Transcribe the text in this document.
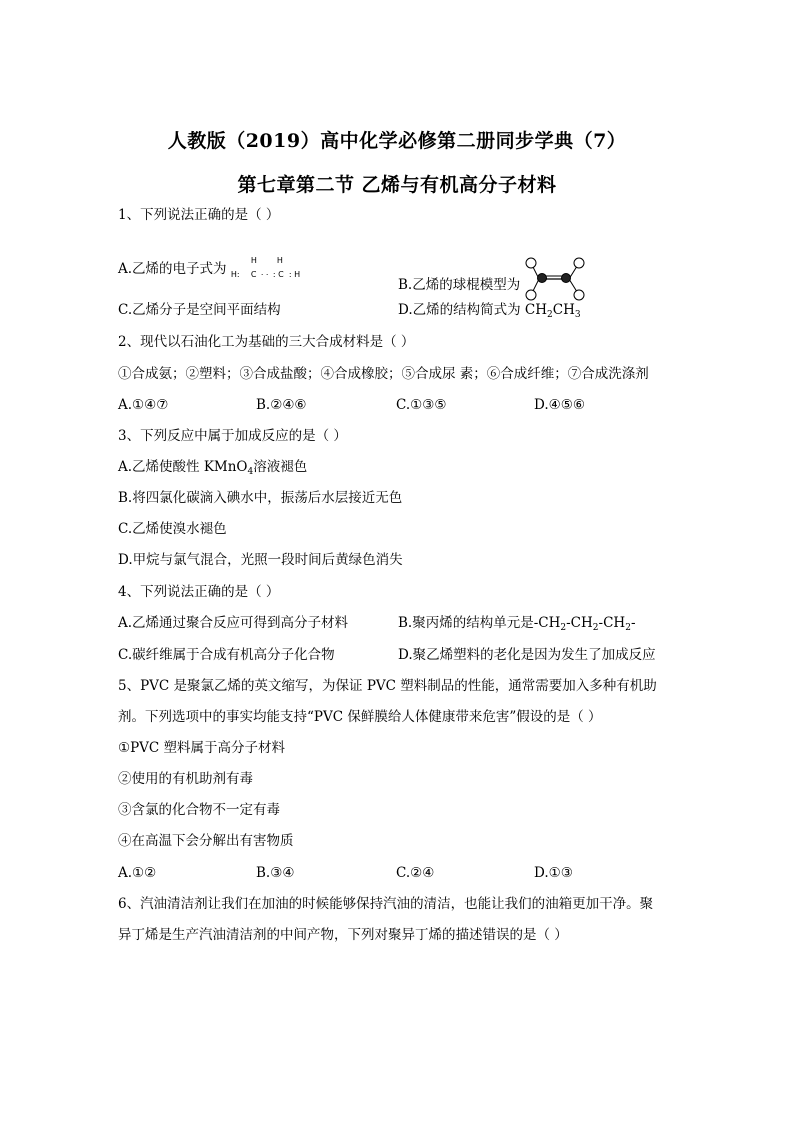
人教版（2019）高中化学必修第二册同步学典（7）
第七章第二节 乙烯与有机高分子材料
1、下列说法正确的是（ ）
A.乙烯的电子式为
H H
H: C . . : C : H
B.乙烯的球棍模型为
C.乙烯分子是空间平面结构	D.乙烯的结构简式为 $CH_2CH_3$
2、现代以石油化工为基础的三大合成材料是（ ）
①合成氨；②塑料；③合成盐酸；④合成橡胶；⑤合成尿 素；⑥合成纤维；⑦合成洗涤剂
A.①④⑦	B.②④⑥	C.①③⑤	D.④⑤⑥
3、下列反应中属于加成反应的是（ ）
A.乙烯使酸性 KMnO$_4$溶液褪色
B.将四氯化碳滴入碘水中，振荡后水层接近无色
C.乙烯使溴水褪色
D.甲烷与氯气混合，光照一段时间后黄绿色消失
4、下列说法正确的是（ ）
A.乙烯通过聚合反应可得到高分子材料	B.聚丙烯的结构单元是$-CH_2-CH_2-CH_2-$
C.碳纤维属于合成有机高分子化合物	D.聚乙烯塑料的老化是因为发生了加成反应
5、PVC 是聚氯乙烯的英文缩写，为保证 PVC 塑料制品的性能，通常需要加入多种有机助
剂。下列选项中的事实均能支持“PVC 保鲜膜给人体健康带来危害”假设的是（ ）
①PVC 塑料属于高分子材料
②使用的有机助剂有毒
③含氯的化合物不一定有毒
④在高温下会分解出有害物质
A.①②	B.③④	C.②④	D.①③
6、汽油清洁剂让我们在加油的时候能够保持汽油的清洁，也能让我们的油箱更加干净。聚
异丁烯是生产汽油清洁剂的中间产物，下列对聚异丁烯的描述错误的是（ ）
